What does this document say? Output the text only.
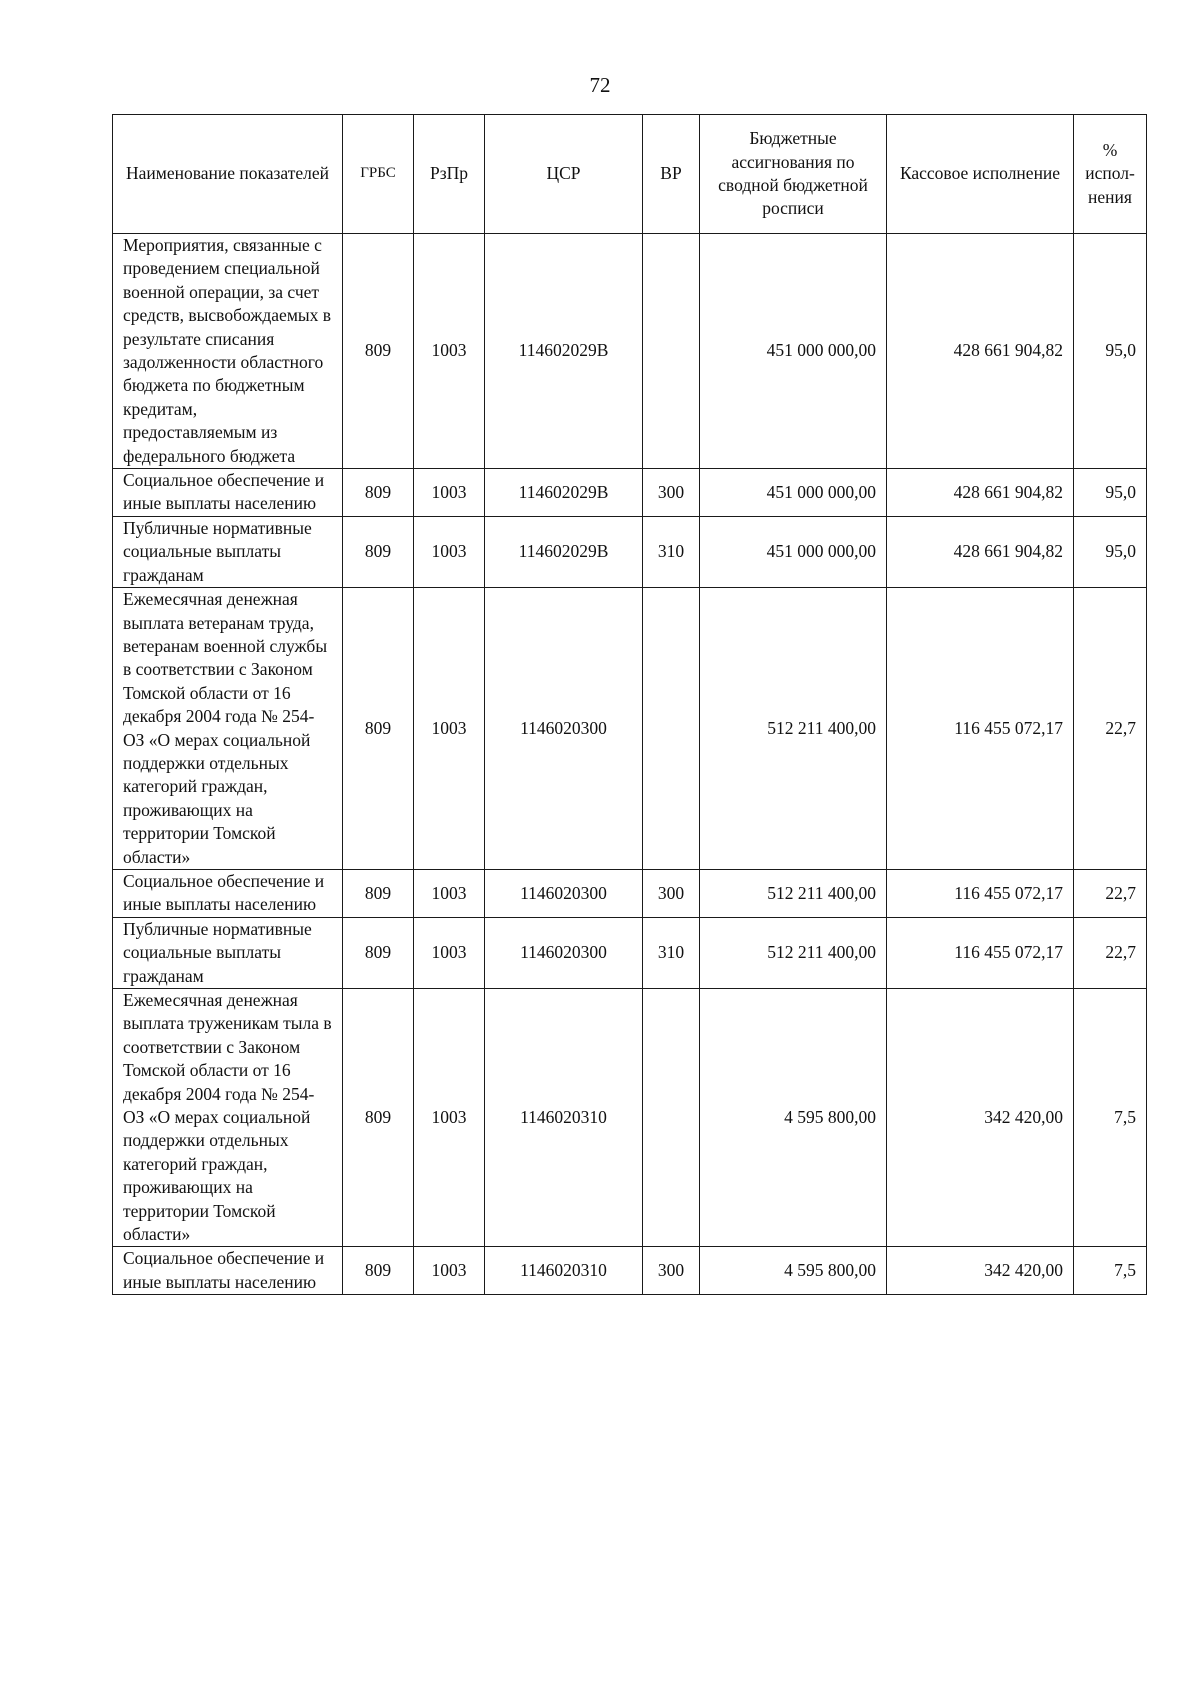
72
Наименование показателей	ГРБС	РзПр	ЦСР	ВР	Бюджетные ассигнования по сводной бюджетной росписи	Кассовое исполнение	% испол-нения
Мероприятия, связанные с проведением специальной военной операции, за счет средств, высвобождаемых в результате списания задолженности областного бюджета по бюджетным кредитам, предоставляемым из федерального бюджета	809	1003	114602029В		451 000 000,00	428 661 904,82	95,0
Социальное обеспечение и иные выплаты населению	809	1003	114602029В	300	451 000 000,00	428 661 904,82	95,0
Публичные нормативные социальные выплаты гражданам	809	1003	114602029В	310	451 000 000,00	428 661 904,82	95,0
Ежемесячная денежная выплата ветеранам труда, ветеранам военной службы в соответствии с Законом Томской области от 16 декабря 2004 года № 254-ОЗ «О мерах социальной поддержки отдельных категорий граждан, проживающих на территории Томской области»	809	1003	1146020300		512 211 400,00	116 455 072,17	22,7
Социальное обеспечение и иные выплаты населению	809	1003	1146020300	300	512 211 400,00	116 455 072,17	22,7
Публичные нормативные социальные выплаты гражданам	809	1003	1146020300	310	512 211 400,00	116 455 072,17	22,7
Ежемесячная денежная выплата труженикам тыла в соответствии с Законом Томской области от 16 декабря 2004 года № 254-ОЗ «О мерах социальной поддержки отдельных категорий граждан, проживающих на территории Томской области»	809	1003	1146020310		4 595 800,00	342 420,00	7,5
Социальное обеспечение и иные выплаты населению	809	1003	1146020310	300	4 595 800,00	342 420,00	7,5
